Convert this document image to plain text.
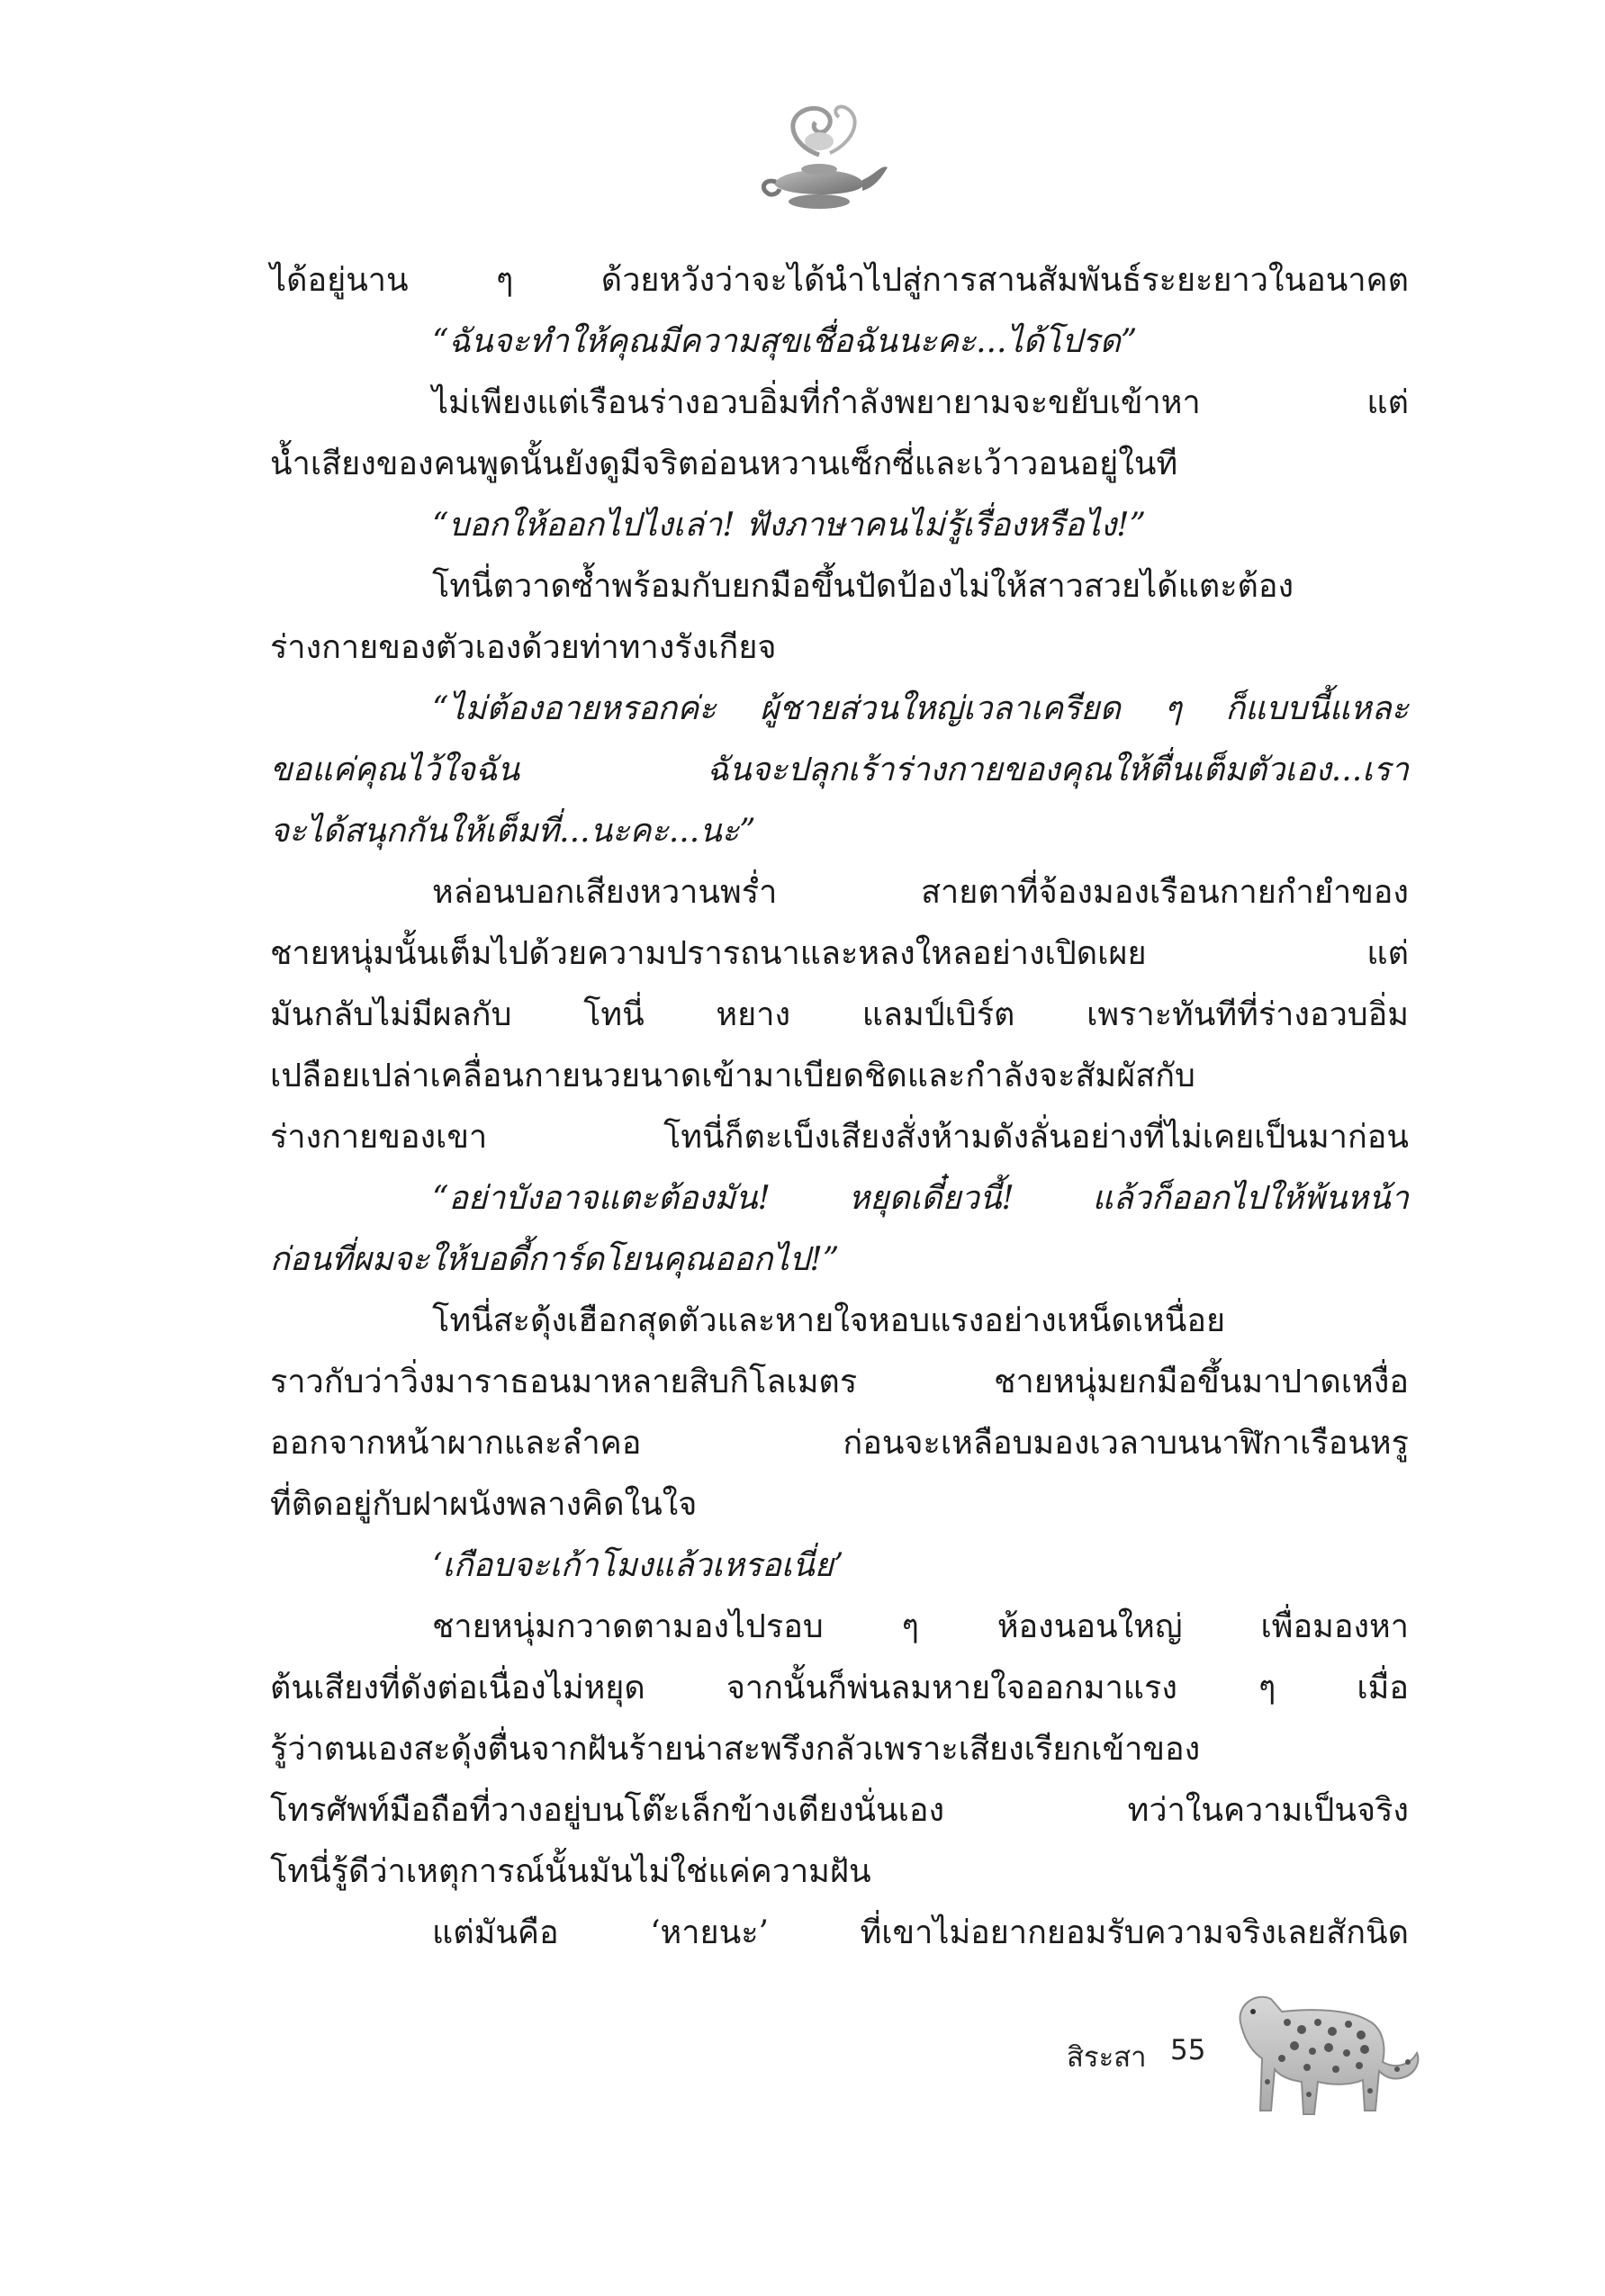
ได้อยู่นาน ๆ ด้วยหวังว่าจะได้นำไปสู่การสานสัมพันธ์ระยะยาวในอนาคต
“ฉันจะทำให้คุณมีความสุขเชื่อฉันนะคะ...ได้โปรด”
ไม่เพียงแต่เรือนร่างอวบอิ่มที่กำลังพยายามจะขยับเข้าหา แต่
น้ำเสียงของคนพูดนั้นยังดูมีจริตอ่อนหวานเซ็กซี่และเว้าวอนอยู่ในที
“บอกให้ออกไปไงเล่า! ฟังภาษาคนไม่รู้เรื่องหรือไง!”
โทนี่ตวาดซ้ำพร้อมกับยกมือขึ้นปัดป้องไม่ให้สาวสวยได้แตะต้อง
ร่างกายของตัวเองด้วยท่าทางรังเกียจ
“ไม่ต้องอายหรอกค่ะ ผู้ชายส่วนใหญ่เวลาเครียด ๆ ก็แบบนี้แหละ
ขอแค่คุณไว้ใจฉัน ฉันจะปลุกเร้าร่างกายของคุณให้ตื่นเต็มตัวเอง...เรา
จะได้สนุกกันให้เต็มที่...นะคะ...นะ”
หล่อนบอกเสียงหวานพร่ำ สายตาที่จ้องมองเรือนกายกำยำของ
ชายหนุ่มนั้นเต็มไปด้วยความปรารถนาและหลงใหลอย่างเปิดเผย แต่
มันกลับไม่มีผลกับ โทนี่ หยาง แลมป์เบิร์ต เพราะทันทีที่ร่างอวบอิ่ม
เปลือยเปล่าเคลื่อนกายนวยนาดเข้ามาเบียดชิดและกำลังจะสัมผัสกับ
ร่างกายของเขา โทนี่ก็ตะเบ็งเสียงสั่งห้ามดังลั่นอย่างที่ไม่เคยเป็นมาก่อน
“อย่าบังอาจแตะต้องมัน! หยุดเดี๋ยวนี้! แล้วก็ออกไปให้พ้นหน้า
ก่อนที่ผมจะให้บอดี้การ์ดโยนคุณออกไป!”
โทนี่สะดุ้งเฮือกสุดตัวและหายใจหอบแรงอย่างเหน็ดเหนื่อย
ราวกับว่าวิ่งมาราธอนมาหลายสิบกิโลเมตร ชายหนุ่มยกมือขึ้นมาปาดเหงื่อ
ออกจากหน้าผากและลำคอ ก่อนจะเหลือบมองเวลาบนนาฬิกาเรือนหรู
ที่ติดอยู่กับฝาผนังพลางคิดในใจ
‘เกือบจะเก้าโมงแล้วเหรอเนี่ย’
ชายหนุ่มกวาดตามองไปรอบ ๆ ห้องนอนใหญ่ เพื่อมองหา
ต้นเสียงที่ดังต่อเนื่องไม่หยุด จากนั้นก็พ่นลมหายใจออกมาแรง ๆ เมื่อ
รู้ว่าตนเองสะดุ้งตื่นจากฝันร้ายน่าสะพรึงกลัวเพราะเสียงเรียกเข้าของ
โทรศัพท์มือถือที่วางอยู่บนโต๊ะเล็กข้างเตียงนั่นเอง ทว่าในความเป็นจริง
โทนี่รู้ดีว่าเหตุการณ์นั้นมันไม่ใช่แค่ความฝัน
แต่มันคือ ‘หายนะ’ ที่เขาไม่อยากยอมรับความจริงเลยสักนิด
สิระสา 55
